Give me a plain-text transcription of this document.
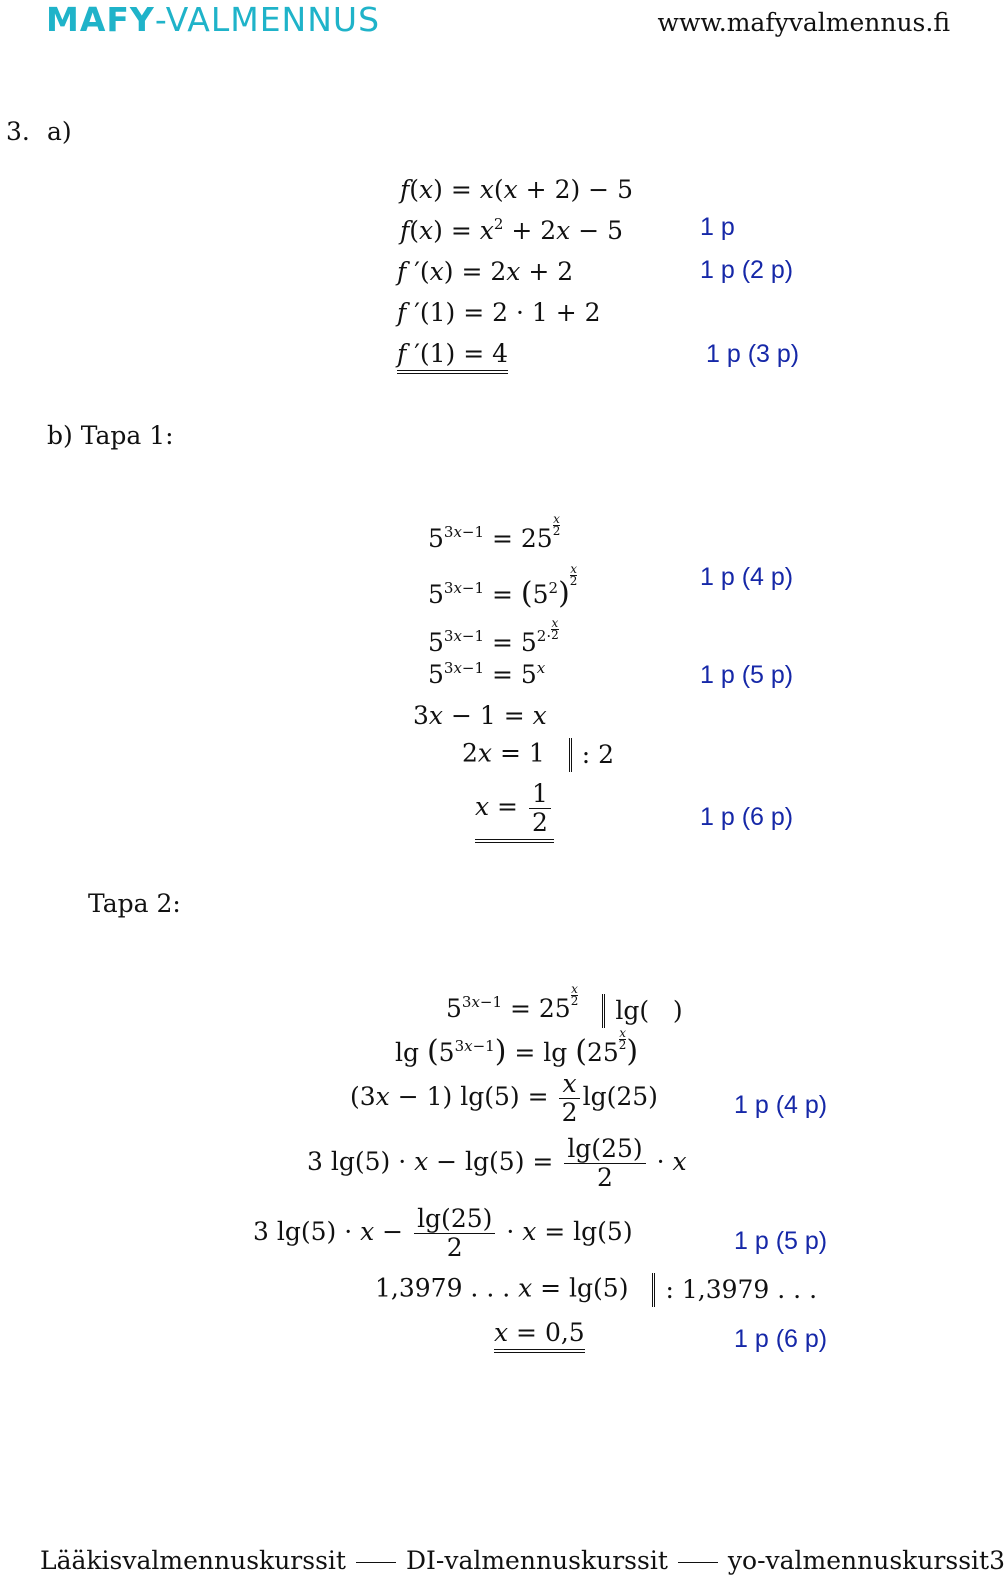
MAFY-VALMENNUS	www.mafyvalmennus.fi
3. a)
b) Tapa 1:
Tapa 2:
f(x) = x(x + 2) − 5
$f(x) = x^2 + 2x - 5$
f ′(x) = 2x + 2
f ′(1) = 2 · 1 + 2
f ′(1) = 4
1 p
1 p (2 p)
1 p (3 p)
$5^{3x-1} = 25 \frac{x}{2}$
$5^{3x-1} = (5^2)$
$\frac{x}{2}$
$5^{3x-1} = 5^{2\cdot} \frac{x}{2}$
$5^{3x-1} = 5^x$
3x − 1 = x
2x = 1 : 2
$x = \frac{1}{2}$
1 p (4 p)
1 p (5 p)
1 p (6 p)
$5^{3x-1} = 25 \frac{x}{2} \lg$(   )
$\lg (5^{3x-1}) = \lg (25 \frac{x}{2}$ )
(3x − 1) $\lg(5) = \frac{x}{2} \lg(25)$
3 $\lg(5) \cdot x - \lg(5) = \frac{\lg(25)}{2} \cdot x$
3 $\lg(5) \cdot x - \frac{\lg(25)}{2} \cdot x = \lg(5)$
1,3979 . . . x = lg(5) : 1,3979 . . .
x = 0,5
1 p (4 p)
1 p (5 p)
1 p (6 p)
Lääkisvalmennuskurssit DI-valmennuskurssit yo-valmennuskurssit 3
